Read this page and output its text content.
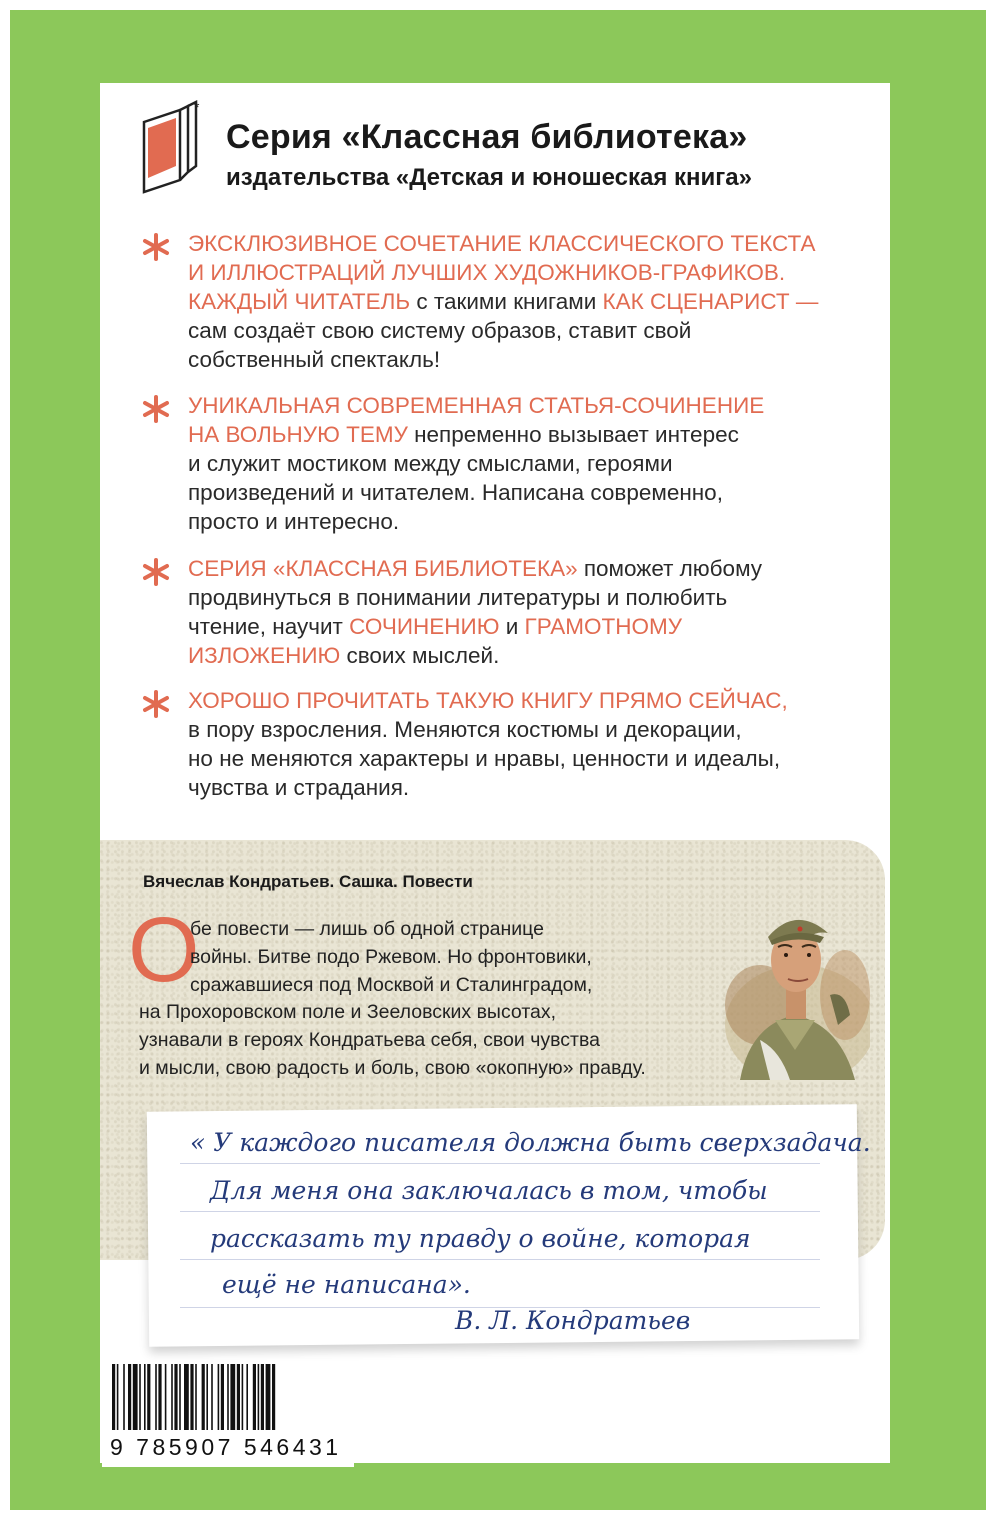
*
Серия «Классная библиотека»
издательства «Детская и юношеская книга»

ЭКСКЛЮЗИВНОЕ СОЧЕТАНИЕ КЛАССИЧЕСКОГО ТЕКСТА
И ИЛЛЮСТРАЦИЙ ЛУЧШИХ ХУДОЖНИКОВ-ГРАФИКОВ.
КАЖДЫЙ ЧИТАТЕЛЬ с такими книгами КАК СЦЕНАРИСТ —
сам создаёт свою систему образов, ставит свой
собственный спектакль!

УНИКАЛЬНАЯ СОВРЕМЕННАЯ СТАТЬЯ-СОЧИНЕНИЕ
НА ВОЛЬНУЮ ТЕМУ непременно вызывает интерес
и служит мостиком между смыслами, героями
произведений и читателем. Написана современно,
просто и интересно.

СЕРИЯ «КЛАССНАЯ БИБЛИОТЕКА» поможет любому
продвинуться в понимании литературы и полюбить
чтение, научит СОЧИНЕНИЮ и ГРАМОТНОМУ
ИЗЛОЖЕНИЮ своих мыслей.

ХОРОШО ПРОЧИТАТЬ ТАКУЮ КНИГУ ПРЯМО СЕЙЧАС,
в пору взросления. Меняются костюмы и декорации,
но не меняются характеры и нравы, ценности и идеалы,
чувства и страдания.

Вячеслав Кондратьев. Сашка. Повести
О
бе повести — лишь об одной странице
войны. Битве подо Ржевом. Но фронтовики,
сражавшиеся под Москвой и Сталинградом,
на Прохоровском поле и Зееловских высотах,
узнавали в героях Кондратьева себя, свои чувства
и мысли, свою радость и боль, свою «окопную» правду.
« У каждого писателя должна быть сверхзадача.
Для меня она заключалась в том, чтобы
рассказать ту правду о войне, которая
ещё не написана».
В. Л. Кондратьев
9 785907 546431
